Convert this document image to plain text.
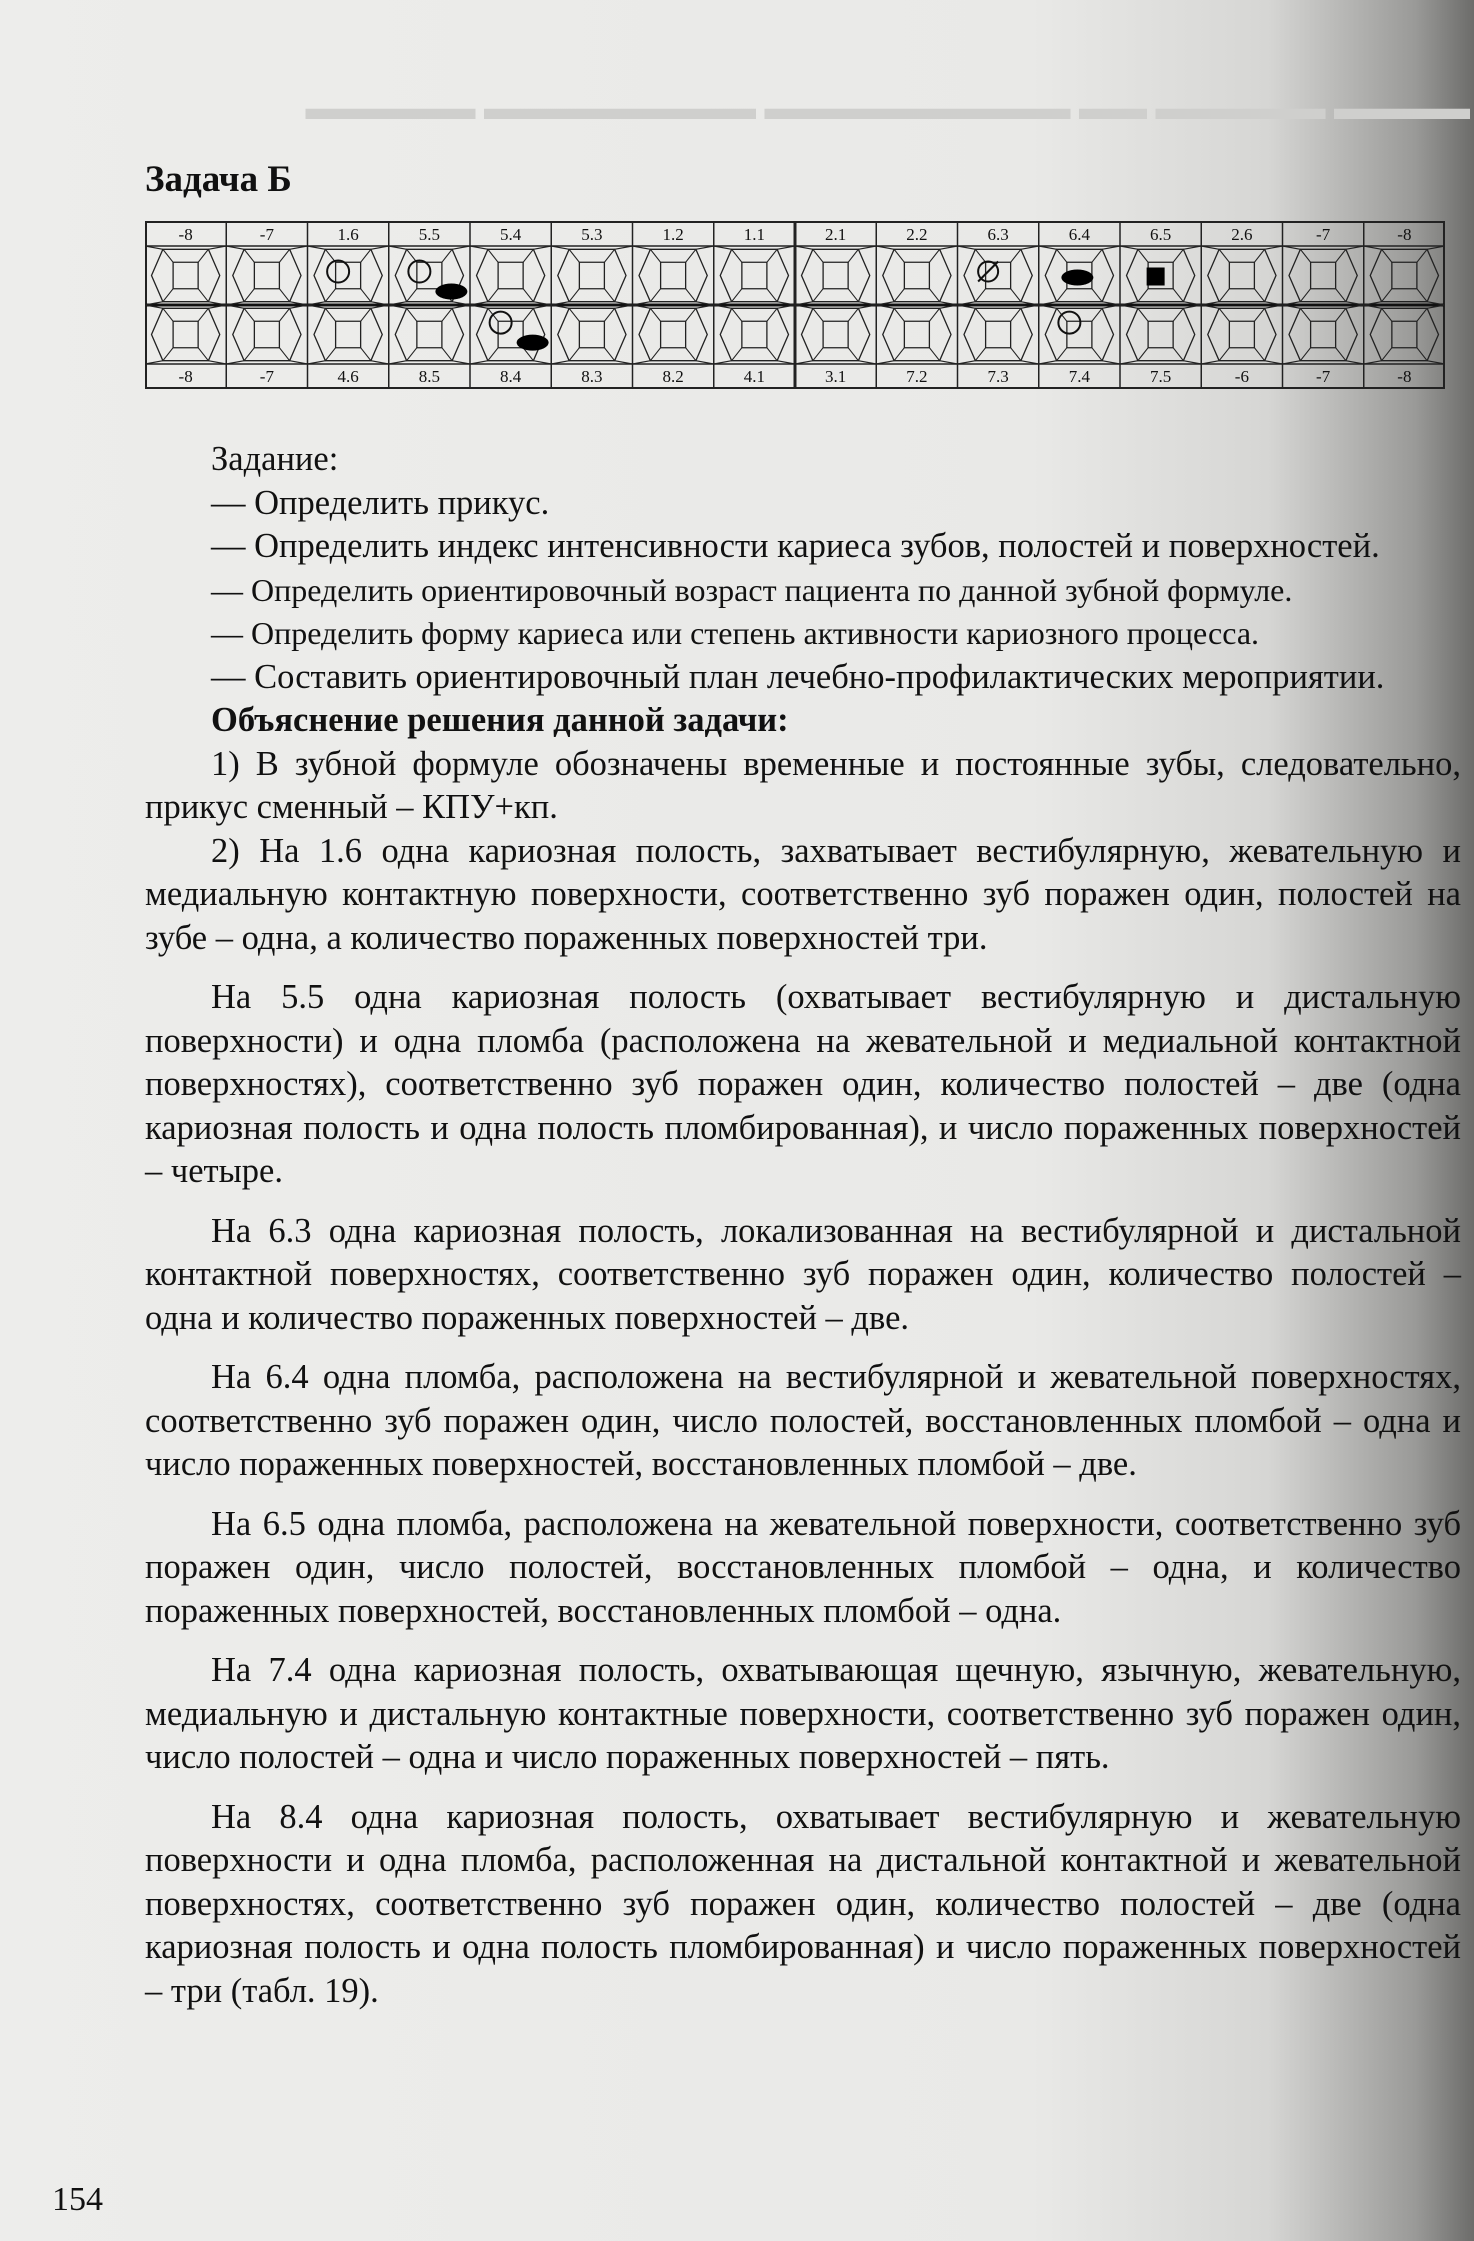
▬▬▬▬ ▬▬▬▬▬ ▬▬ ▬▬▬▬▬▬▬▬▬ ▬▬▬▬▬▬▬▬ ▬▬▬▬▬
Задача Б
-8
-8
-7
-7
1.6
4.6
5.5
8.5
5.4
8.4
5.3
8.3
1.2
8.2
1.1
4.1
2.1
3.1
2.2
7.2
6.3
7.3
6.4
7.4
6.5
7.5
2.6
-6
-7
-7
-8
-8

Задание:

— Определить прикус.

— Определить индекс интенсивности кариеса зубов, полостей и поверхностей.

— Определить ориентировочный возраст пациента по данной зубной формуле.

— Определить форму кариеса или степень активности кариозного процесса.

— Составить ориентировочный план лечебно-профилактических мероприятии.

Объяснение решения данной задачи:

1) В зубной формуле обозначены временные и постоянные зубы, следовательно, прикус сменный – КПУ+кп.

2) На 1.6 одна кариозная полость, захватывает вестибулярную, жевательную и медиальную контактную поверхности, соответственно зуб поражен один, полостей на зубе – одна, а количество пораженных поверхностей три.

На 5.5 одна кариозная полость (охватывает вестибулярную и дистальную поверхности) и одна пломба (расположена на жевательной и медиальной контактной поверхностях), соответственно зуб поражен один, количество полостей – две (одна кариозная полость и одна полость пломбированная), и число пораженных поверхностей – четыре.

На 6.3 одна кариозная полость, локализованная на вестибулярной и дистальной контактной поверхностях, соответственно зуб поражен один, количество полостей – одна и количество пораженных поверхностей – две.

На 6.4 одна пломба, расположена на вестибулярной и жевательной поверхностях, соответственно зуб поражен один, число полостей, восстановленных пломбой – одна и число пораженных поверхностей, восстановленных пломбой – две.

На 6.5 одна пломба, расположена на жевательной поверхности, соответственно зуб поражен один, число полостей, восстановленных пломбой – одна, и количество пораженных поверхностей, восстановленных пломбой – одна.

На 7.4 одна кариозная полость, охватывающая щечную, язычную, жевательную, медиальную и дистальную контактные поверхности, соответственно зуб поражен один, число полостей – одна и число пораженных поверхностей – пять.

На 8.4 одна кариозная полость, охватывает вестибулярную и жевательную поверхности и одна пломба, расположенная на дистальной контактной и жевательной поверхностях, соответственно зуб поражен один, количество полостей – две (одна кариозная полость и одна полость пломбированная) и число пораженных поверхностей – три (табл. 19).

154
